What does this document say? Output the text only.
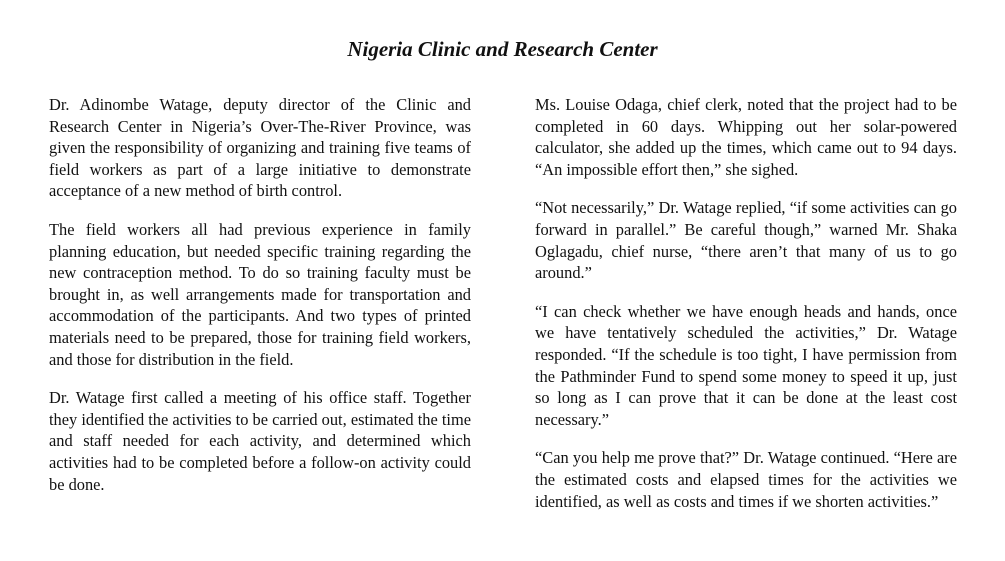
Nigeria Clinic and Research Center

Dr. Adinombe Watage, deputy director of the Clinic and Research Center in Nigeria’s Over-The-River Province, was given the responsibility of organizing and training five teams of field workers as part of a large initiative to demonstrate acceptance of a new method of birth control.

The field workers all had previous experience in family planning education, but needed specific training regarding the new contraception method. To do so training faculty must be brought in, as well arrangements made for transportation and accommodation of the participants. And two types of printed materials need to be prepared, those for training field workers, and those for distribution in the field.

Dr. Watage first called a meeting of his office staff. Together they identified the activities to be carried out, estimated the time and staff needed for each activity, and determined which activities had to be completed before a follow-on activity could be done.

Ms. Louise Odaga, chief clerk, noted that the project had to be completed in 60 days. Whipping out her solar-powered calculator, she added up the times, which came out to 94 days. “An impossible effort then,” she sighed.

“Not necessarily,” Dr. Watage replied, “if some activities can go forward in parallel.” Be careful though,” warned Mr. Shaka Oglagadu, chief nurse, “there aren’t that many of us to go around.”

“I can check whether we have enough heads and hands, once we have tentatively scheduled the activities,” Dr. Watage responded. “If the schedule is too tight, I have permission from the Pathminder Fund to spend some money to speed it up, just so long as I can prove that it can be done at the least cost necessary.”

“Can you help me prove that?” Dr. Watage continued. “Here are the estimated costs and elapsed times for the activities we identified, as well as costs and times if we shorten activities.”
